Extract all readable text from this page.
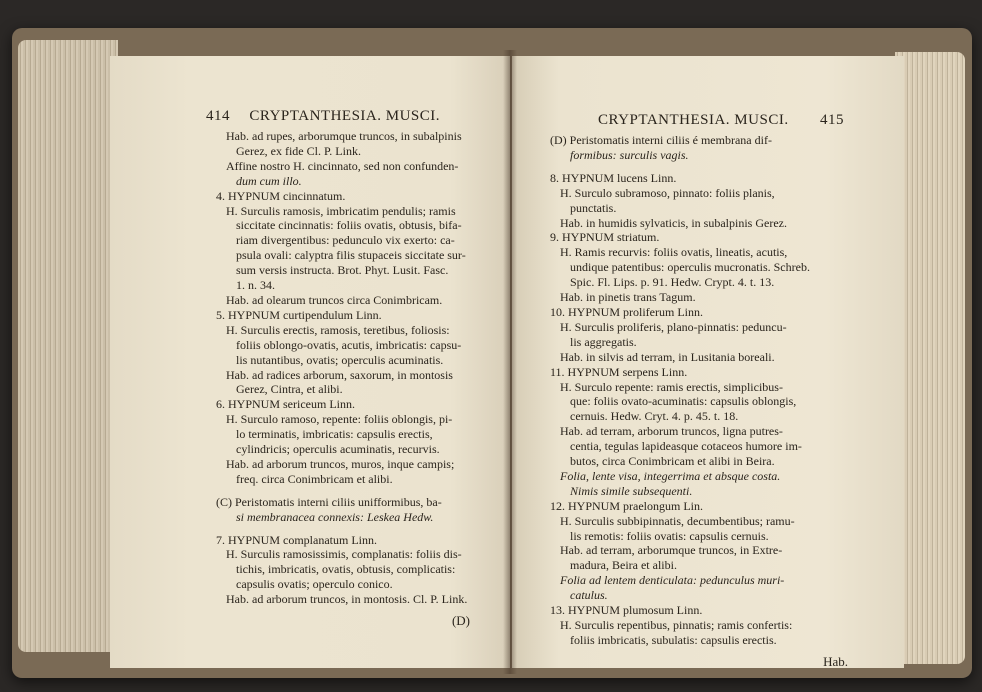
414 CRYPTANTHESIA. MUSCI.
Hab. ad rupes, arborumque truncos, in subalpinis
Gerez, ex fide Cl. P. Link.
Affine nostro H. cincinnato, sed non confunden-
dum cum illo.
4. HYPNUM cincinnatum.
H. Surculis ramosis, imbricatim pendulis; ramis
siccitate cincinnatis: foliis ovatis, obtusis, bifa-
riam divergentibus: pedunculo vix exerto: ca-
psula ovali: calyptra filis stupaceis siccitate sur-
sum versis instructa. Brot. Phyt. Lusit. Fasc.
1. n. 34.
Hab. ad olearum truncos circa Conimbricam.
5. HYPNUM curtipendulum Linn.
H. Surculis erectis, ramosis, teretibus, foliosis:
foliis oblongo-ovatis, acutis, imbricatis: capsu-
lis nutantibus, ovatis; operculis acuminatis.
Hab. ad radices arborum, saxorum, in montosis
Gerez, Cintra, et alibi.
6. HYPNUM sericeum Linn.
H. Surculo ramoso, repente: foliis oblongis, pi-
lo terminatis, imbricatis: capsulis erectis,
cylindricis; operculis acuminatis, recurvis.
Hab. ad arborum truncos, muros, inque campis;
freq. circa Conimbricam et alibi.
(C) Peristomatis interni ciliis unifformibus, ba-
si membranacea connexis: Leskea Hedw.
7. HYPNUM complanatum Linn.
H. Surculis ramosissimis, complanatis: foliis dis-
tichis, imbricatis, ovatis, obtusis, complicatis:
capsulis ovatis; operculo conico.
Hab. ad arborum truncos, in montosis. Cl. P. Link.
(D)
CRYPTANTHESIA. MUSCI. 415
(D) Peristomatis interni ciliis é membrana dif-
formibus: surculis vagis.
8. HYPNUM lucens Linn.
H. Surculo subramoso, pinnato: foliis planis,
punctatis.
Hab. in humidis sylvaticis, in subalpinis Gerez.
9. HYPNUM striatum.
H. Ramis recurvis: foliis ovatis, lineatis, acutis,
undique patentibus: operculis mucronatis. Schreb.
Spic. Fl. Lips. p. 91. Hedw. Crypt. 4. t. 13.
Hab. in pinetis trans Tagum.
10. HYPNUM proliferum Linn.
H. Surculis proliferis, plano-pinnatis: peduncu-
lis aggregatis.
Hab. in silvis ad terram, in Lusitania boreali.
11. HYPNUM serpens Linn.
H. Surculo repente: ramis erectis, simplicibus-
que: foliis ovato-acuminatis: capsulis oblongis,
cernuis. Hedw. Cryt. 4. p. 45. t. 18.
Hab. ad terram, arborum truncos, ligna putres-
centia, tegulas lapideasque cotaceos humore im-
butos, circa Conimbricam et alibi in Beira.
Folia, lente visa, integerrima et absque costa.
Nimis simile subsequenti.
12. HYPNUM praelongum Lin.
H. Surculis subbipinnatis, decumbentibus; ramu-
lis remotis: foliis ovatis: capsulis cernuis.
Hab. ad terram, arborumque truncos, in Extre-
madura, Beira et alibi.
Folia ad lentem denticulata: pedunculus muri-
catulus.
13. HYPNUM plumosum Linn.
H. Surculis repentibus, pinnatis; ramis confertis:
foliis imbricatis, subulatis: capsulis erectis.
Hab.
